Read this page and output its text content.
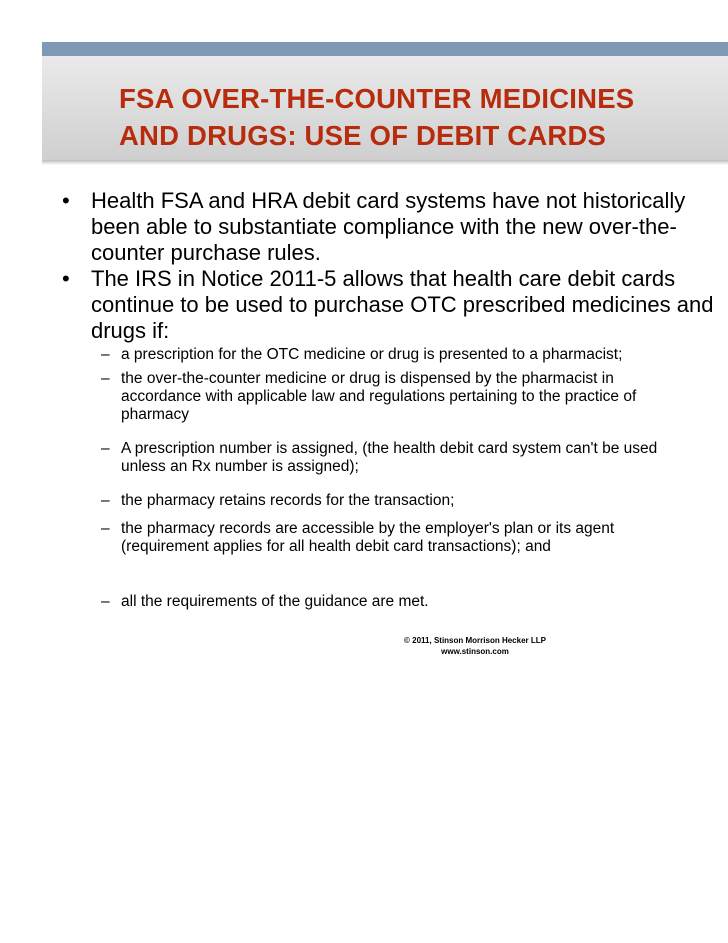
FSA OVER-THE-COUNTER MEDICINES
AND DRUGS: USE OF DEBIT CARDS
• Health FSA and HRA debit card systems have not historically
been able to substantiate compliance with the new over-the-
counter purchase rules.
• The IRS in Notice 2011-5 allows that health care debit cards
continue to be used to purchase OTC prescribed medicines and
drugs if:
– a prescription for the OTC medicine or drug is presented to a pharmacist;
– the over-the-counter medicine or drug is dispensed by the pharmacist in
accordance with applicable law and regulations pertaining to the practice of
pharmacy
– A prescription number is assigned, (the health debit card system can't be used
unless an Rx number is assigned);
– the pharmacy retains records for the transaction;
– the pharmacy records are accessible by the employer's plan or its agent
(requirement applies for all health debit card transactions); and
– all the requirements of the guidance are met.
© 2011, Stinson Morrison Hecker LLP
www.stinson.com
